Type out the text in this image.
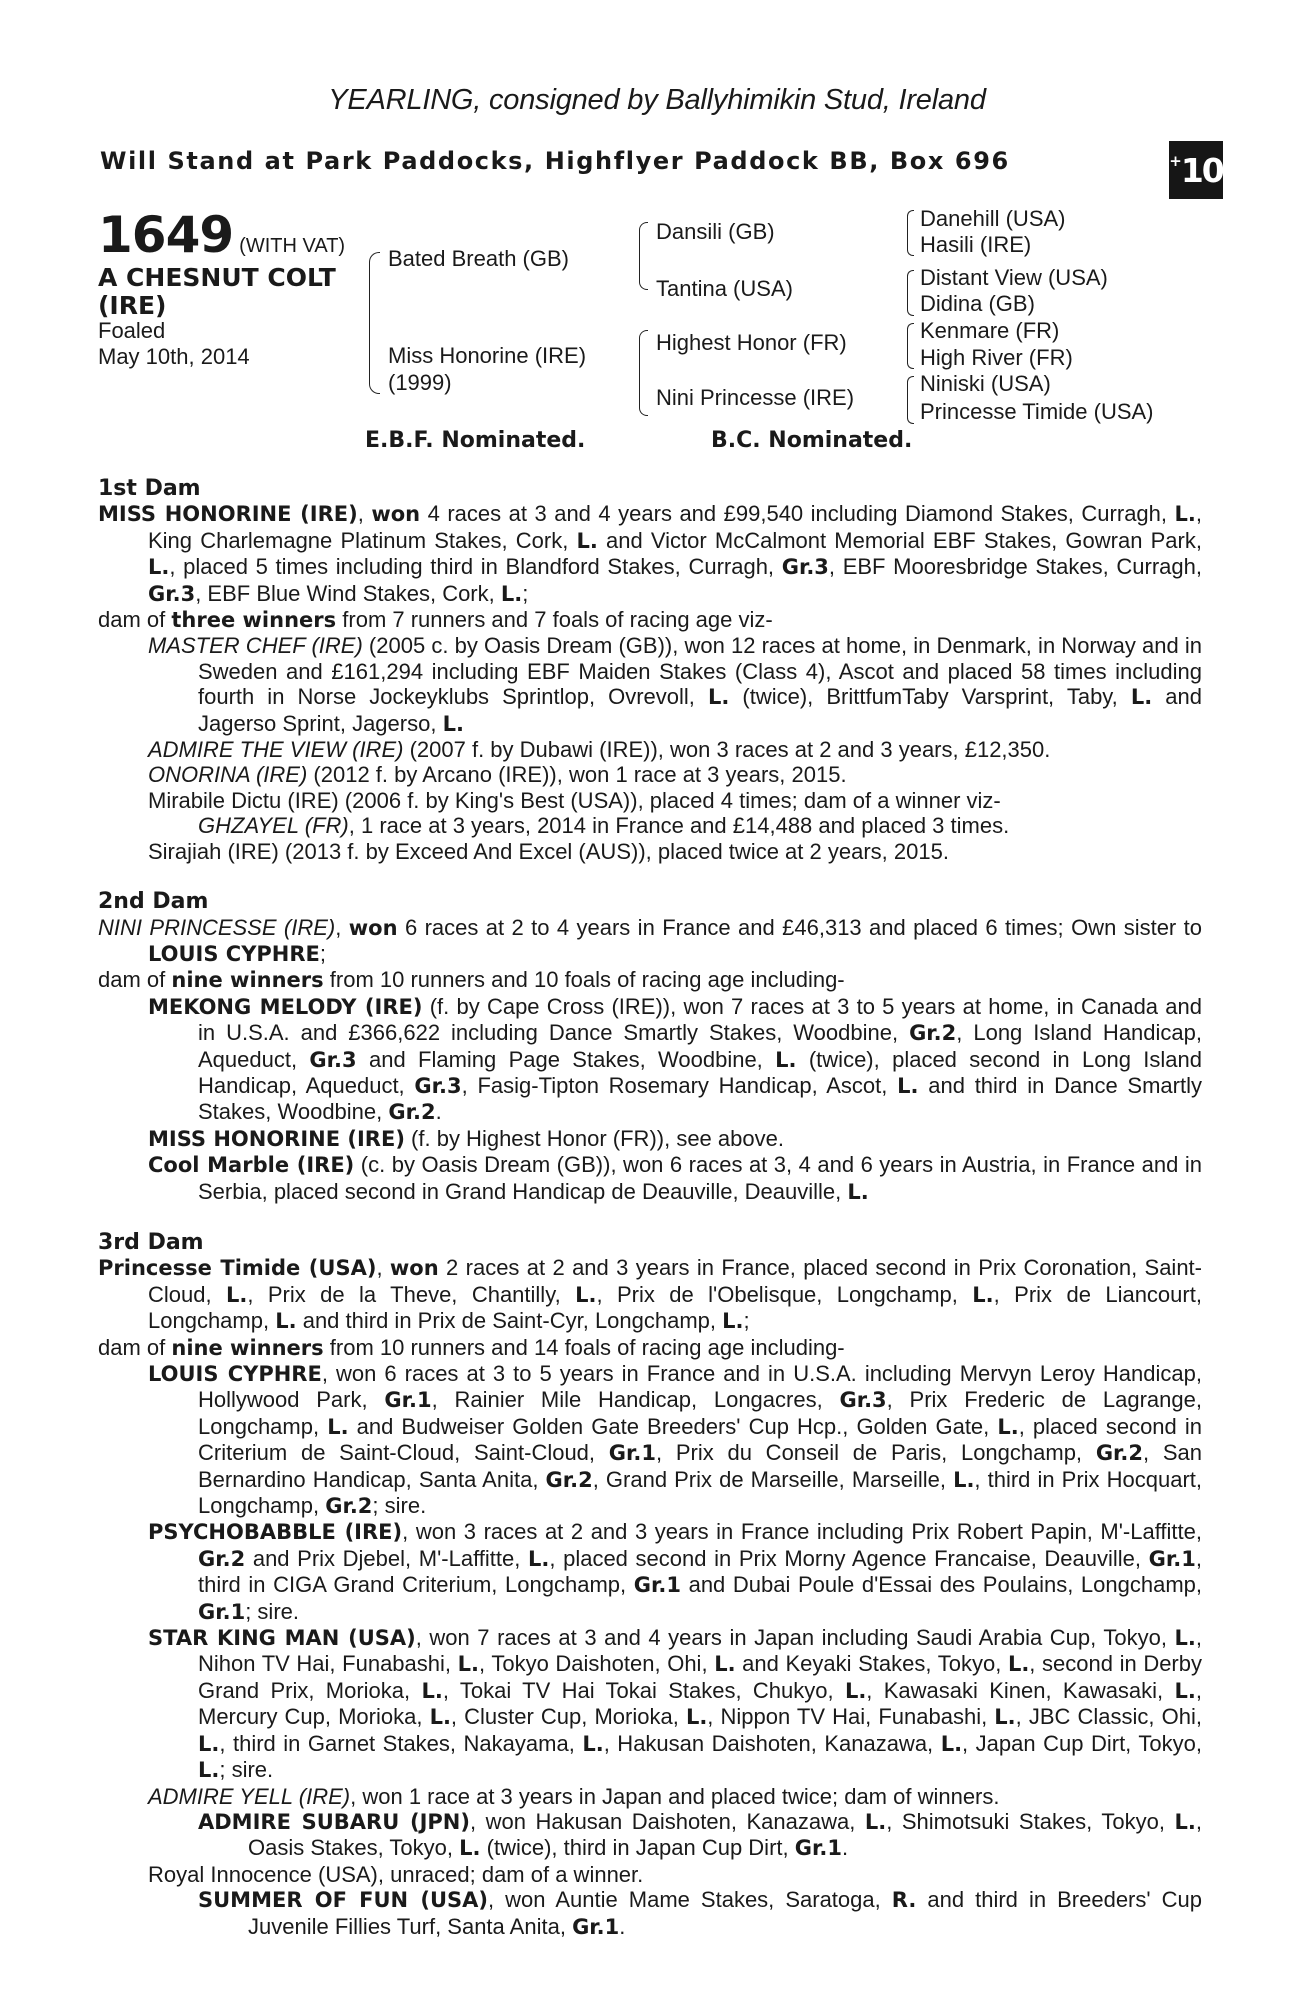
YEARLING, consigned by Ballyhimikin Stud, Ireland
Will Stand at Park Paddocks, Highflyer Paddock BB, Box 696	+ 10
1649 (WITH VAT)
A CHESNUT COLT
(IRE)
Foaled
May 10th, 2014
Bated Breath (GB)
Miss Honorine (IRE)
(1999)
Dansili (GB)
Tantina (USA)
Highest Honor (FR)
Nini Princesse (IRE)
Danehill (USA)
Hasili (IRE)
Distant View (USA)
Didina (GB)
Kenmare (FR)
High River (FR)
Niniski (USA)
Princesse Timide (USA)
E.B.F. Nominated.	B.C. Nominated.

1st Dam

MISS HONORINE (IRE), won 4 races at 3 and 4 years and £99,540 including Diamond Stakes, Curragh, L., King Charlemagne Platinum Stakes, Cork, L. and Victor McCalmont Memorial EBF Stakes, Gowran Park, L., placed 5 times including third in Blandford Stakes, Curragh, Gr.3, EBF Mooresbridge Stakes, Curragh, Gr.3, EBF Blue Wind Stakes, Cork, L.;

dam of three winners from 7 runners and 7 foals of racing age viz-

MASTER CHEF (IRE) (2005 c. by Oasis Dream (GB)), won 12 races at home, in Denmark, in Norway and in Sweden and £161,294 including EBF Maiden Stakes (Class 4), Ascot and placed 58 times including fourth in Norse Jockeyklubs Sprintlop, Ovrevoll, L. (twice), BrittfumTaby Varsprint, Taby, L. and Jagerso Sprint, Jagerso, L.

ADMIRE THE VIEW (IRE) (2007 f. by Dubawi (IRE)), won 3 races at 2 and 3 years, £12,350.

ONORINA (IRE) (2012 f. by Arcano (IRE)), won 1 race at 3 years, 2015.

Mirabile Dictu (IRE) (2006 f. by King's Best (USA)), placed 4 times; dam of a winner viz-

GHZAYEL (FR), 1 race at 3 years, 2014 in France and £14,488 and placed 3 times.

Sirajiah (IRE) (2013 f. by Exceed And Excel (AUS)), placed twice at 2 years, 2015.

2nd Dam

NINI PRINCESSE (IRE), won 6 races at 2 to 4 years in France and £46,313 and placed 6 times; Own sister to LOUIS CYPHRE;

dam of nine winners from 10 runners and 10 foals of racing age including-

MEKONG MELODY (IRE) (f. by Cape Cross (IRE)), won 7 races at 3 to 5 years at home, in Canada and in U.S.A. and £366,622 including Dance Smartly Stakes, Woodbine, Gr.2, Long Island Handicap, Aqueduct, Gr.3 and Flaming Page Stakes, Woodbine, L. (twice), placed second in Long Island Handicap, Aqueduct, Gr.3, Fasig-Tipton Rosemary Handicap, Ascot, L. and third in Dance Smartly Stakes, Woodbine, Gr.2.

MISS HONORINE (IRE) (f. by Highest Honor (FR)), see above.

Cool Marble (IRE) (c. by Oasis Dream (GB)), won 6 races at 3, 4 and 6 years in Austria, in France and in Serbia, placed second in Grand Handicap de Deauville, Deauville, L.

3rd Dam

Princesse Timide (USA), won 2 races at 2 and 3 years in France, placed second in Prix Coronation, Saint-Cloud, L., Prix de la Theve, Chantilly, L., Prix de l'Obelisque, Longchamp, L., Prix de Liancourt, Longchamp, L. and third in Prix de Saint-Cyr, Longchamp, L.;

dam of nine winners from 10 runners and 14 foals of racing age including-

LOUIS CYPHRE, won 6 races at 3 to 5 years in France and in U.S.A. including Mervyn Leroy Handicap, Hollywood Park, Gr.1, Rainier Mile Handicap, Longacres, Gr.3, Prix Frederic de Lagrange, Longchamp, L. and Budweiser Golden Gate Breeders' Cup Hcp., Golden Gate, L., placed second in Criterium de Saint-Cloud, Saint-Cloud, Gr.1, Prix du Conseil de Paris, Longchamp, Gr.2, San Bernardino Handicap, Santa Anita, Gr.2, Grand Prix de Marseille, Marseille, L., third in Prix Hocquart, Longchamp, Gr.2; sire.

PSYCHOBABBLE (IRE), won 3 races at 2 and 3 years in France including Prix Robert Papin, M'-Laffitte, Gr.2 and Prix Djebel, M'-Laffitte, L., placed second in Prix Morny Agence Francaise, Deauville, Gr.1, third in CIGA Grand Criterium, Longchamp, Gr.1 and Dubai Poule d'Essai des Poulains, Longchamp, Gr.1; sire.

STAR KING MAN (USA), won 7 races at 3 and 4 years in Japan including Saudi Arabia Cup, Tokyo, L., Nihon TV Hai, Funabashi, L., Tokyo Daishoten, Ohi, L. and Keyaki Stakes, Tokyo, L., second in Derby Grand Prix, Morioka, L., Tokai TV Hai Tokai Stakes, Chukyo, L., Kawasaki Kinen, Kawasaki, L., Mercury Cup, Morioka, L., Cluster Cup, Morioka, L., Nippon TV Hai, Funabashi, L., JBC Classic, Ohi, L., third in Garnet Stakes, Nakayama, L., Hakusan Daishoten, Kanazawa, L., Japan Cup Dirt, Tokyo, L.; sire.

ADMIRE YELL (IRE), won 1 race at 3 years in Japan and placed twice; dam of winners.

ADMIRE SUBARU (JPN), won Hakusan Daishoten, Kanazawa, L., Shimotsuki Stakes, Tokyo, L., Oasis Stakes, Tokyo, L. (twice), third in Japan Cup Dirt, Gr.1.

Royal Innocence (USA), unraced; dam of a winner.

SUMMER OF FUN (USA), won Auntie Mame Stakes, Saratoga, R. and third in Breeders' Cup Juvenile Fillies Turf, Santa Anita, Gr.1.
